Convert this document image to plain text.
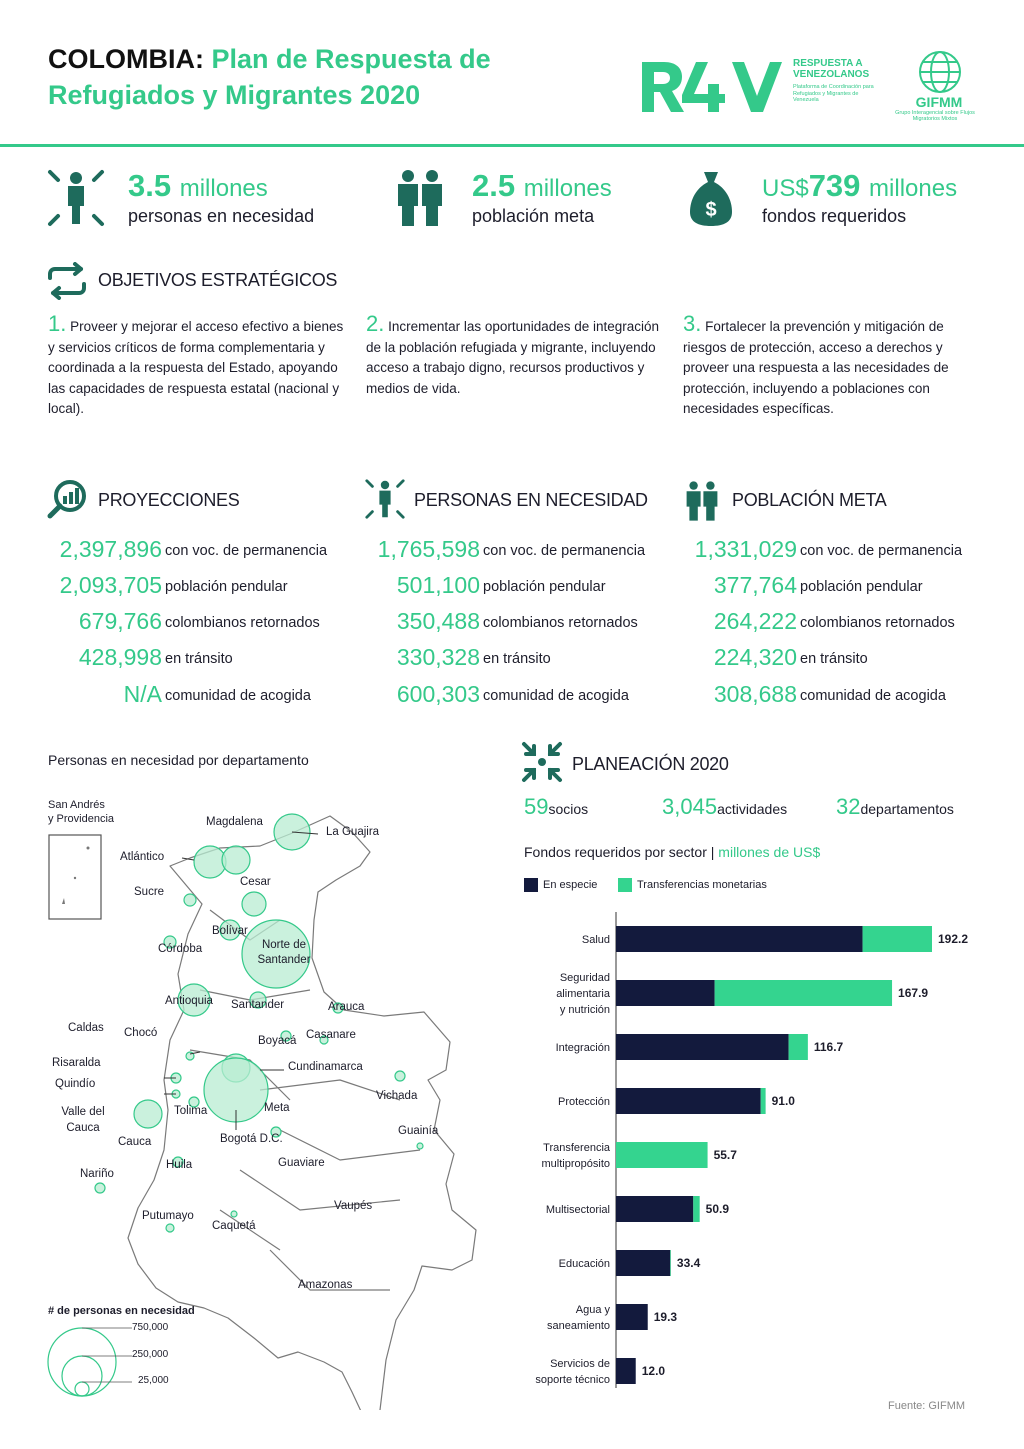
COLOMBIA: Plan de Respuesta de
Refugiados y Migrantes 2020
RESPUESTA A
VENEZOLANOS
Plataforma de Coordinación para Refugiados y Migrantes de Venezuela	GIFMM
Grupo Interagencial sobre Flujos Migratorios Mixtos
3.5 millones
personas en necesidad
2.5 millones
población meta	$
US$739 millones
fondos requeridos
OBJETIVOS ESTRATÉGICOS
1. Proveer y mejorar el acceso efectivo a bienes y servicios críticos de forma complementaria y coordinada a la respuesta del Estado, apoyando las capacidades de respuesta estatal (nacional y local).
2. Incrementar las oportunidades de integración de la población refugiada y migrante, incluyendo acceso a trabajo digno, recursos productivos y medios de vida.
3. Fortalecer la prevención y mitigación de riesgos de protección, acceso a derechos y proveer una respuesta a las necesidades de protección, incluyendo a poblaciones con necesidades específicas.
PROYECCIONES	PERSONAS EN NECESIDAD	POBLACIÓN META
2,397,896 con voc. de permanencia
2,093,705 población pendular
679,766 colombianos retornados
428,998 en tránsito
N/A comunidad de acogida
1,765,598 con voc. de permanencia
501,100 población pendular
350,488 colombianos retornados
330,328 en tránsito
600,303 comunidad de acogida
1,331,029 con voc. de permanencia
377,764 población pendular
264,222 colombianos retornados
224,320 en tránsito
308,688 comunidad de acogida
Personas en necesidad por departamento
San Andrés
y Providencia	Magdalena
La Guajira
Atlántico
Cesar
Sucre
Bolívar
Córdoba	Norte de Santander
Antioquia Santander	Arauca
Caldas Chocó
Boyacá Casanare
Risaralda	Cundinamarca
Quindío
Vichada
Valle del Cauca
Tolima	Meta
Guainía
Cauca	Bogotá D.C.
Huila	Guaviare
Nariño
Vaupés
Putumayo
Caquetá
Amazonas
# de personas en necesidad
750,000
250,000
25,000
PLANEACIÓN 2020
59socios	3,045actividades 32departamentos
Fondos requeridos por sector | millones de US$
En especie	Transferencias monetarias
192.2
Salud
167.9
Seguridad alimentaria y nutrición
116.7
Integración
91.0
Protección
55.7
Transferencia multipropósito
50.9
Multisectorial
33.4
Educación
19.3
Agua y saneamiento
12.0
Servicios de soporte técnico
Fuente: GIFMM
